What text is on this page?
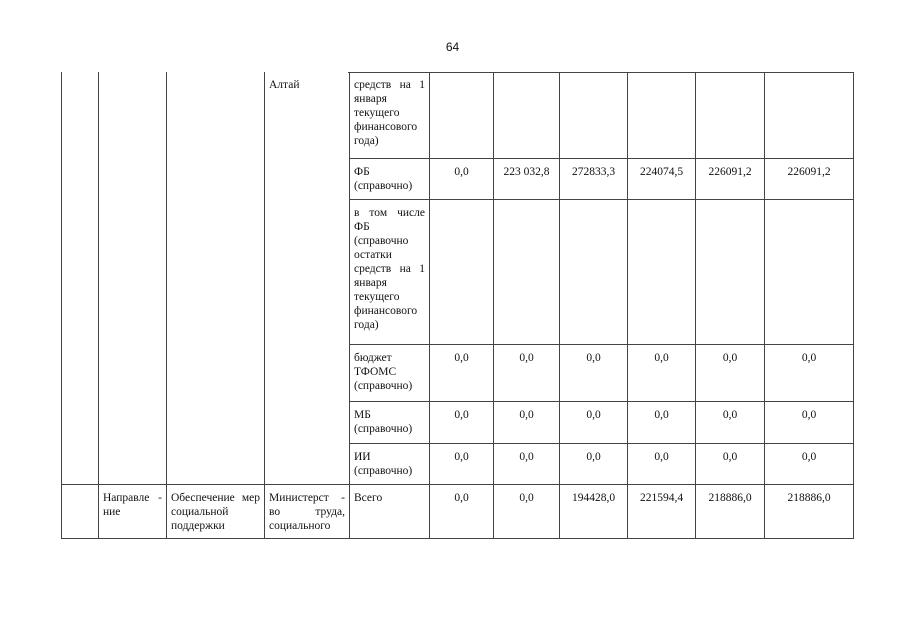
64
			Алтай	средств на 1 января текущего финансового года)						
				ФБ (справочно)	0,0	223 032,8	272833,3	224074,5	226091,2	226091,2
				в том числе ФБ (справочно остатки средств на 1 января текущего финансового года)						
				бюджет ТФОМС (справочно)	0,0	0,0	0,0	0,0	0,0	0,0
				МБ (справочно)	0,0	0,0	0,0	0,0	0,0	0,0
				ИИ (справочно)	0,0	0,0	0,0	0,0	0,0	0,0
	Направле - ние	Обеспечение мер социальной поддержки	Министерст - во труда, социального	Всего	0,0	0,0	194428,0	221594,4	218886,0	218886,0
